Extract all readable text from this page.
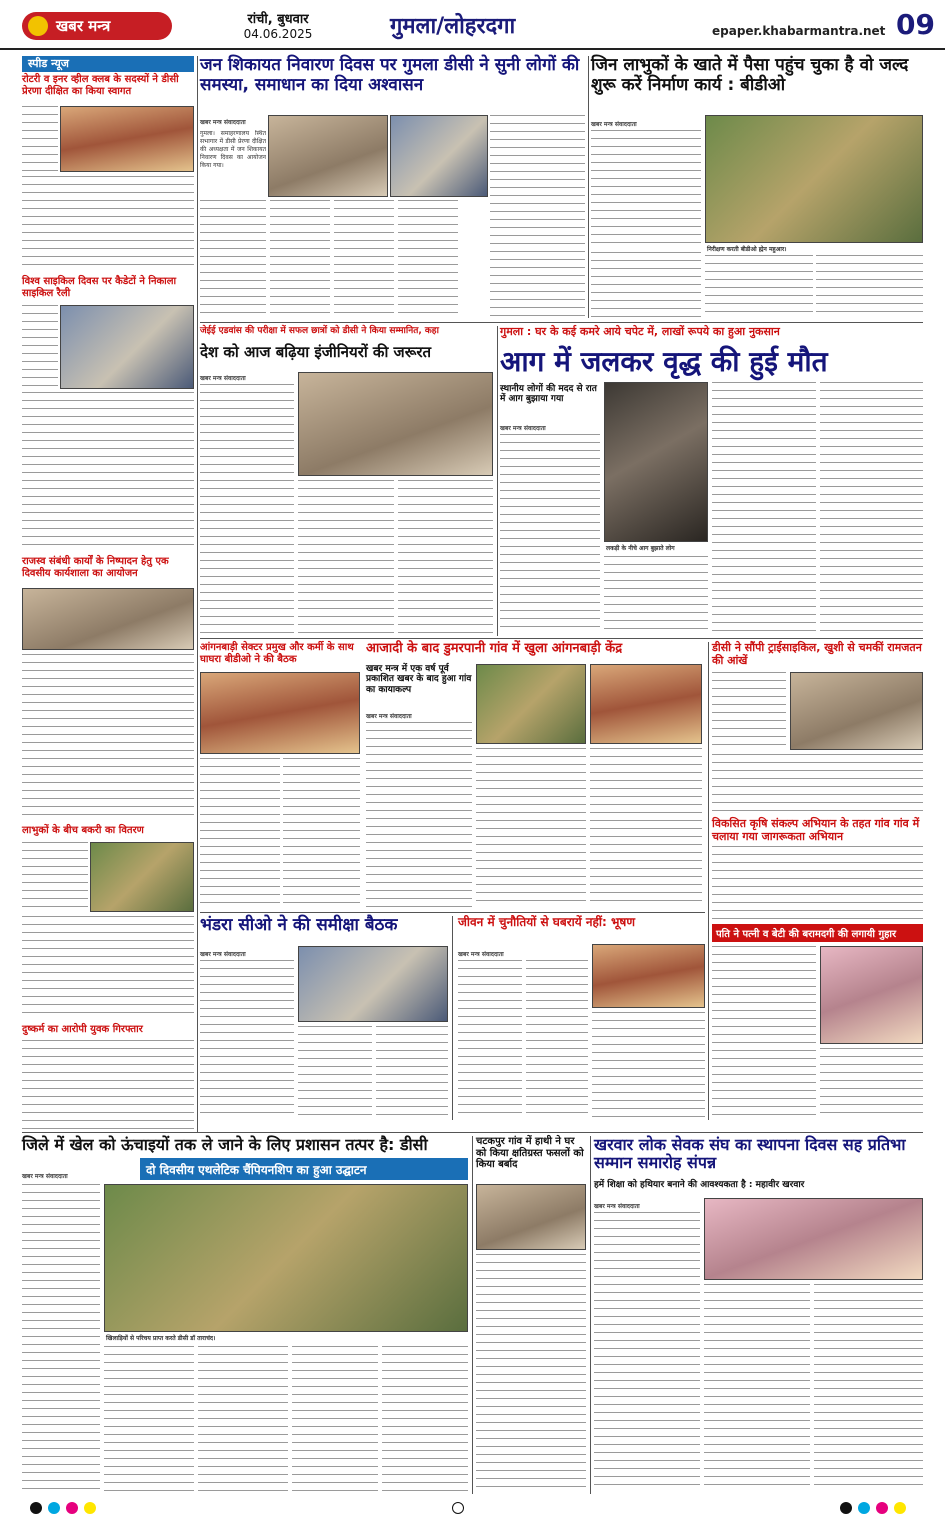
खबर मन्त्र	रांची, बुधवार
04.06.2025	गुमला/लोहरदगा	epaper.khabarmantra.net 09
स्पीड न्यूज
रोटरी व इनर व्हील क्लब के सदस्यों ने डीसी प्रेरणा दीक्षित का किया स्वागत
विश्व साइकिल दिवस पर कैडेटों ने निकाला साइकिल रैली
राजस्व संबंधी कार्यों के निष्पादन हेतु एक दिवसीय कार्यशाला का आयोजन
लाभुकों के बीच बकरी का वितरण
दुष्कर्म का आरोपी युवक गिरफ्तार
जन शिकायत निवारण दिवस पर गुमला डीसी ने सुनी लोगों की समस्या, समाधान का दिया अश्वासन
खबर मन्त्र संवाददाता
गुमला। समाहरणालय स्थित सभागार में डीसी प्रेरणा दीक्षित की अध्यक्षता में जन शिकायत निवारण दिवस का आयोजन किया गया।
जिन लाभुकों के खाते में पैसा पहुंच चुका है वो जल्द शुरू करें निर्माण कार्य : बीडीओ
खबर मन्त्र संवाददाता
निरीक्षण करती बीडीओ ह्मेन महुआर।
जेईई एडवांस की परीक्षा में सफल छात्रों को डीसी ने किया सम्मानित, कहा
देश को आज बढ़िया इंजीनियरों की जरूरत
खबर मन्त्र संवाददाता
गुमला : घर के कई कमरे आये चपेट में, लाखों रूपये का हुआ नुकसान
आग में जलकर वृद्ध की हुई मौत
स्थानीय लोगों की मदद से रात में आग बुझाया गया
खबर मन्त्र संवाददाता
लकड़ी के नीचे आग बुझाते लोग
आंगनबाड़ी सेक्टर प्रमुख और कर्मी के साथ घाघरा बीडीओ ने की बैठक
आजादी के बाद डुमरपानी गांव में खुला आंगनबाड़ी केंद्र
खबर मन्त्र में एक वर्ष पूर्व प्रकाशित खबर के बाद हुआ गांव का कायाकल्प
खबर मन्त्र संवाददाता
डीसी ने सौंपी ट्राईसाइकिल, खुशी से चमकीं रामजतन की आंखें
विकसित कृषि संकल्प अभियान के तहत गांव गांव में चलाया गया जागरूकता अभियान
पति ने पत्नी व बेटी की बरामदगी की लगायी गुहार
भंडरा सीओ ने की समीक्षा बैठक
खबर मन्त्र संवाददाता
जीवन में चुनौतियों से घबरायें नहीं: भूषण
खबर मन्त्र संवाददाता
जिले में खेल को ऊंचाइयों तक ले जाने के लिए प्रशासन तत्पर है: डीसी
दो दिवसीय एथलेटिक चैंपियनशिप का हुआ उद्घाटन
खबर मन्त्र संवाददाता
खिलाड़ियों से परिचय प्राप्त करते डीसी डॉ ताराचंद।
चटकपुर गांव में हाथी ने घर को किया क्षतिग्रस्त फसलों को किया बर्बाद
खरवार लोक सेवक संघ का स्थापना दिवस सह प्रतिभा सम्मान समारोह संपन्न
हमें शिक्षा को हथियार बनाने की आवश्यकता है : महावीर खरवार
खबर मन्त्र संवाददाता
